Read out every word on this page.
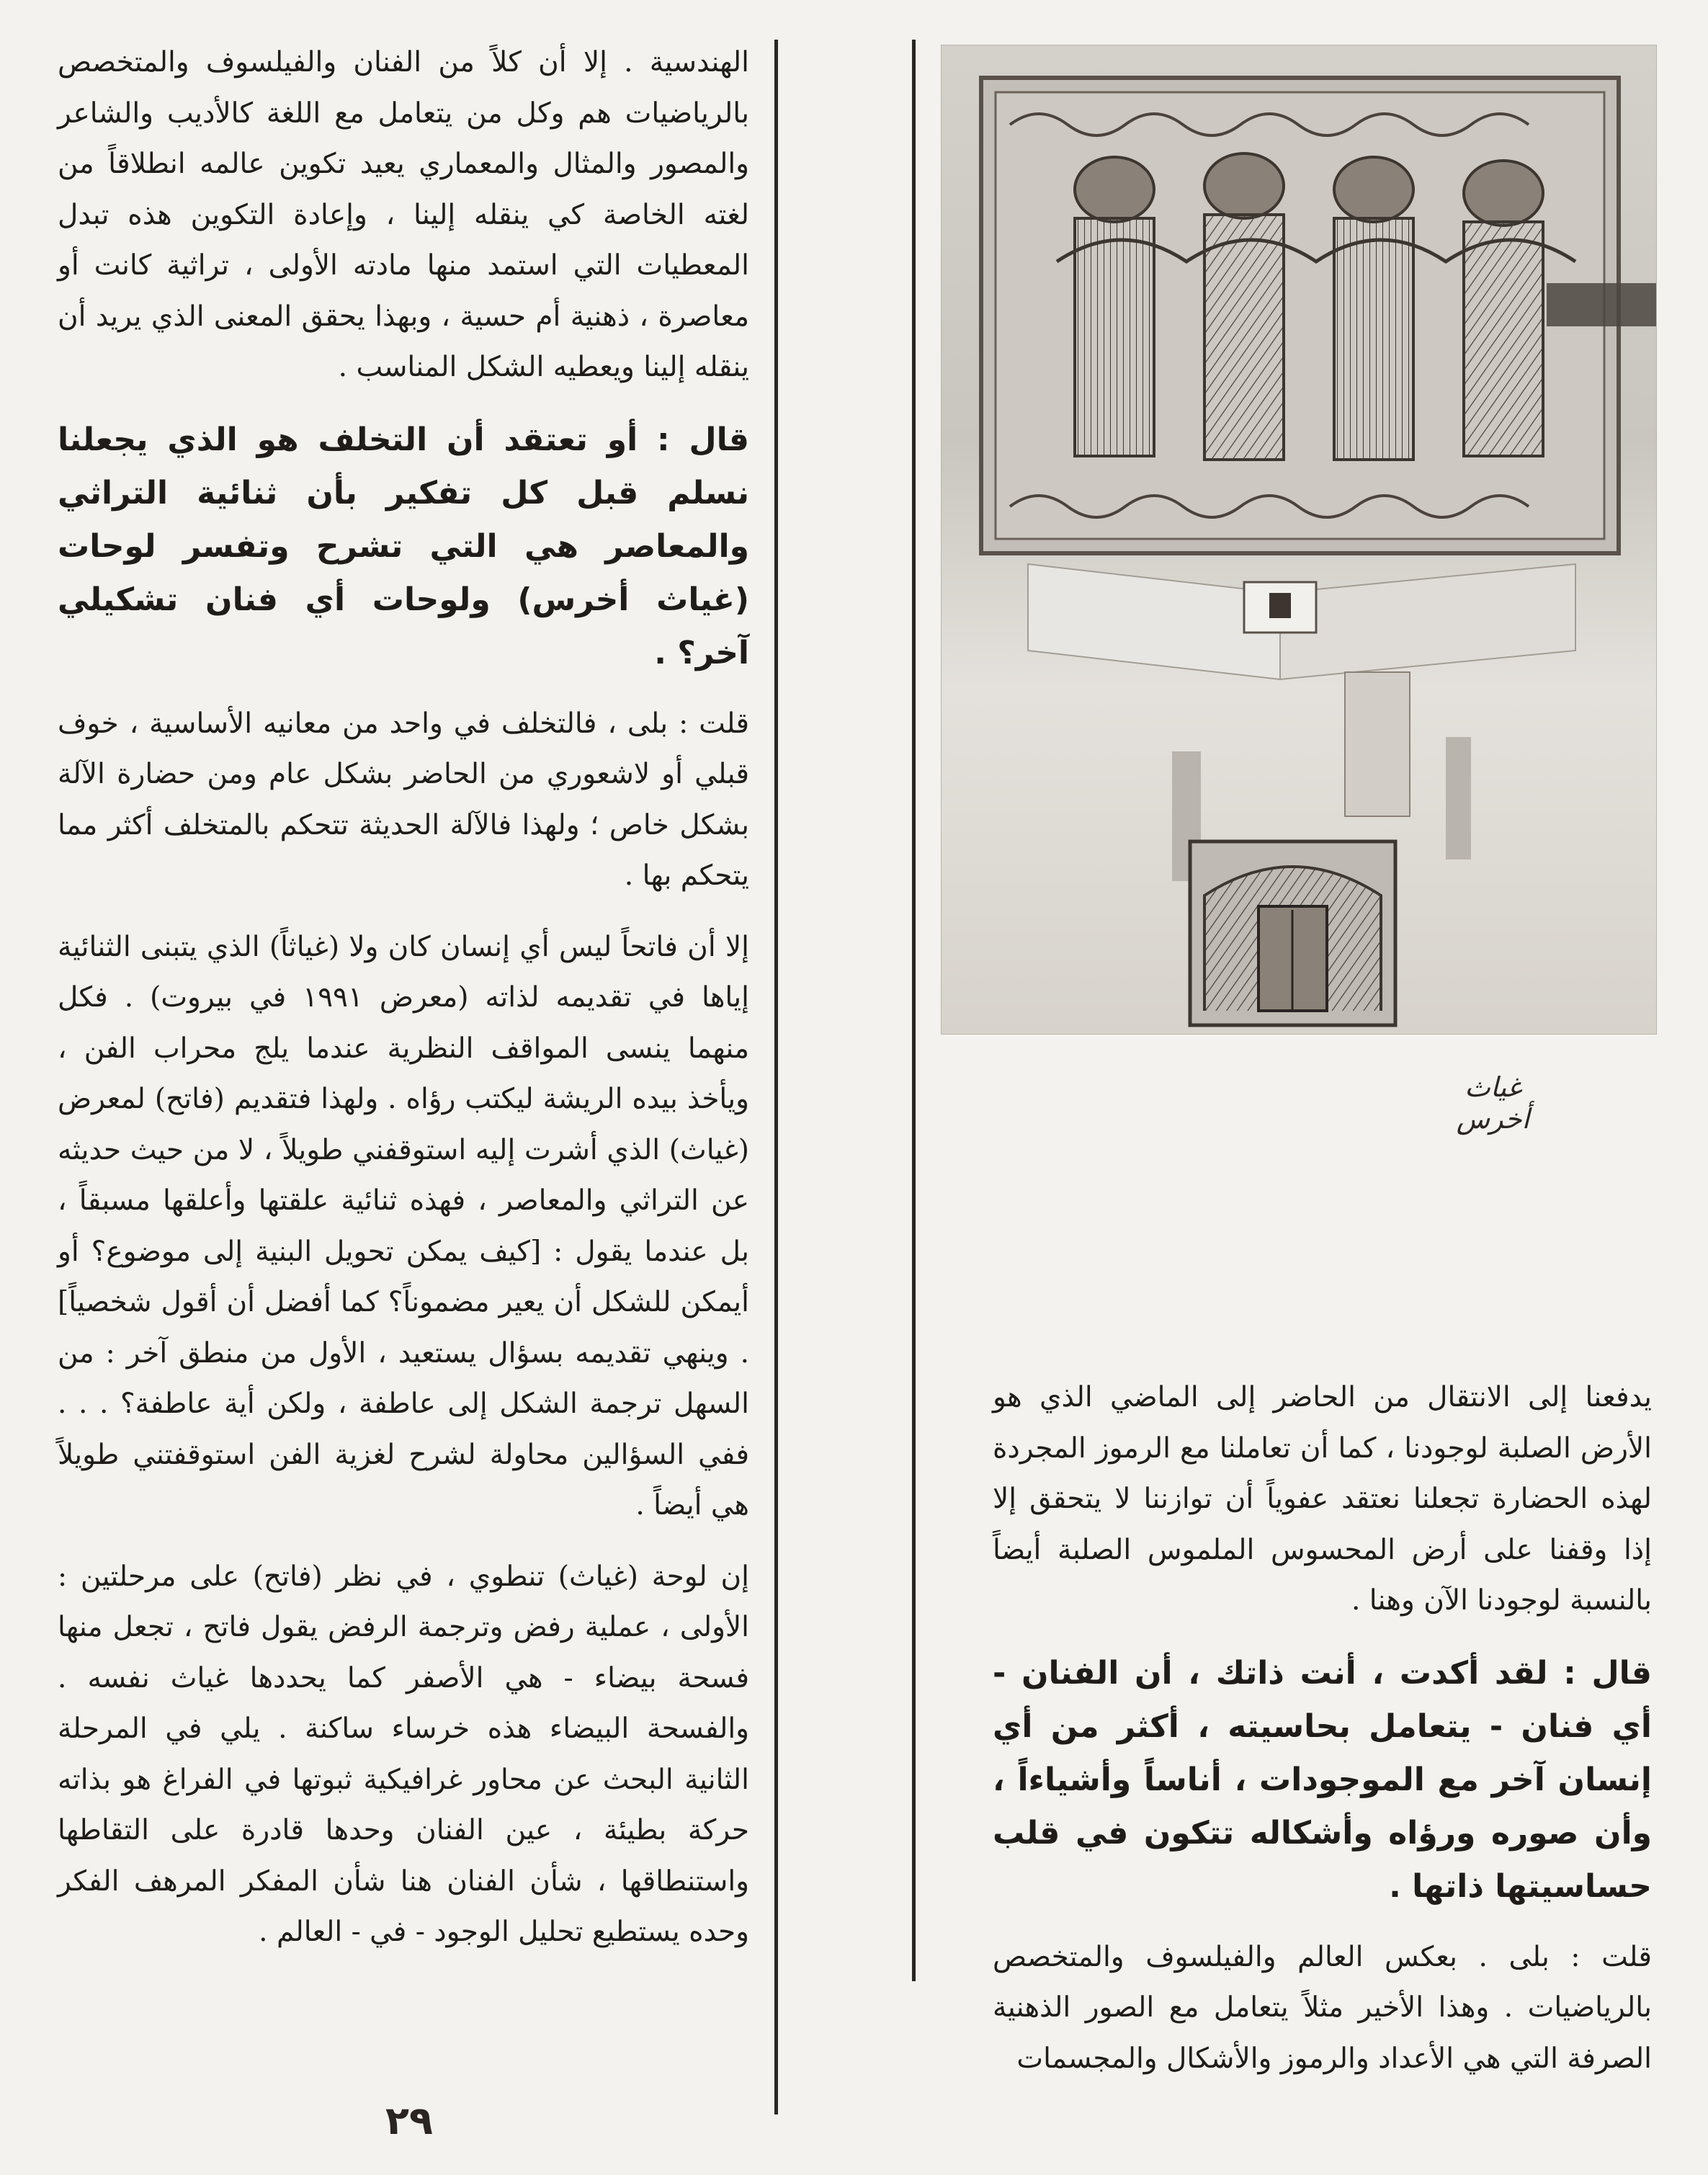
الهندسية . إلا أن كلاً من الفنان والفيلسوف والمتخصص بالرياضيات هم وكل من يتعامل مع اللغة كالأديب والشاعر والمصور والمثال والمعماري يعيد تكوين عالمه انطلاقاً من لغته الخاصة كي ينقله إلينا ، وإعادة التكوين هذه تبدل المعطيات التي استمد منها مادته الأولى ، تراثية كانت أو معاصرة ، ذهنية أم حسية ، وبهذا يحقق المعنى الذي يريد أن ينقله إلينا ويعطيه الشكل المناسب .

قال : أو تعتقد أن التخلف هو الذي يجعلنا نسلم قبل كل تفكير بأن ثنائية التراثي والمعاصر هي التي تشرح وتفسر لوحات (غياث أخرس) ولوحات أي فنان تشكيلي آخر؟ .

قلت : بلى ، فالتخلف في واحد من معانيه الأساسية ، خوف قبلي أو لاشعوري من الحاضر بشكل عام ومن حضارة الآلة بشكل خاص ؛ ولهذا فالآلة الحديثة تتحكم بالمتخلف أكثر مما يتحكم بها .

إلا أن فاتحاً ليس أي إنسان كان ولا (غياثاً) الذي يتبنى الثنائية إياها في تقديمه لذاته (معرض ١٩٩١ في بيروت) . فكل منهما ينسى المواقف النظرية عندما يلج محراب الفن ، ويأخذ بيده الريشة ليكتب رؤاه . ولهذا فتقديم (فاتح) لمعرض (غياث) الذي أشرت إليه استوقفني طويلاً ، لا من حيث حديثه عن التراثي والمعاصر ، فهذه ثنائية علقتها وأعلقها مسبقاً ، بل عندما يقول : [كيف يمكن تحويل البنية إلى موضوع؟ أو أيمكن للشكل أن يعير مضموناً؟ كما أفضل أن أقول شخصياً] . وينهي تقديمه بسؤال يستعيد ، الأول من منطق آخر : من السهل ترجمة الشكل إلى عاطفة ، ولكن أية عاطفة؟ . . . ففي السؤالين محاولة لشرح لغزية الفن استوقفتني طويلاً هي أيضاً .

إن لوحة (غياث) تنطوي ، في نظر (فاتح) على مرحلتين : الأولى ، عملية رفض وترجمة الرفض يقول فاتح ، تجعل منها فسحة بيضاء - هي الأصفر كما يحددها غياث نفسه . والفسحة البيضاء هذه خرساء ساكنة . يلي في المرحلة الثانية البحث عن محاور غرافيكية ثبوتها في الفراغ هو بذاته حركة بطيئة ، عين الفنان وحدها قادرة على التقاطها واستنطاقها ، شأن الفنان هنا شأن المفكر المرهف الفكر وحده يستطيع تحليل الوجود - في - العالم .

غياث أخرس

يدفعنا إلى الانتقال من الحاضر إلى الماضي الذي هو الأرض الصلبة لوجودنا ، كما أن تعاملنا مع الرموز المجردة لهذه الحضارة تجعلنا نعتقد عفوياً أن توازننا لا يتحقق إلا إذا وقفنا على أرض المحسوس الملموس الصلبة أيضاً بالنسبة لوجودنا الآن وهنا .

قال : لقد أكدت ، أنت ذاتك ، أن الفنان - أي فنان - يتعامل بحاسيته ، أكثر من أي إنسان آخر مع الموجودات ، أناساً وأشياءاً ، وأن صوره ورؤاه وأشكاله تتكون في قلب حساسيتها ذاتها .

قلت : بلى . بعكس العالم والفيلسوف والمتخصص بالرياضيات . وهذا الأخير مثلاً يتعامل مع الصور الذهنية الصرفة التي هي الأعداد والرموز والأشكال والمجسمات

٢٩
